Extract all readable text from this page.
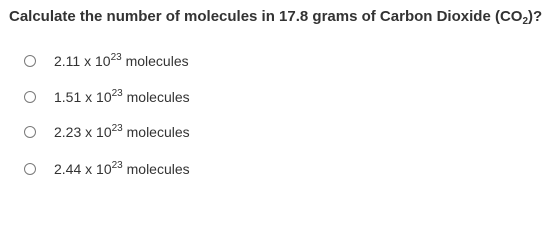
Calculate the number of molecules in 17.8 grams of Carbon Dioxide $(CO_2)$?
2.11 x $10^{23}$ molecules
1.51 x $10^{23}$ molecules
2.23 x $10^{23}$ molecules
2.44 x $10^{23}$ molecules
